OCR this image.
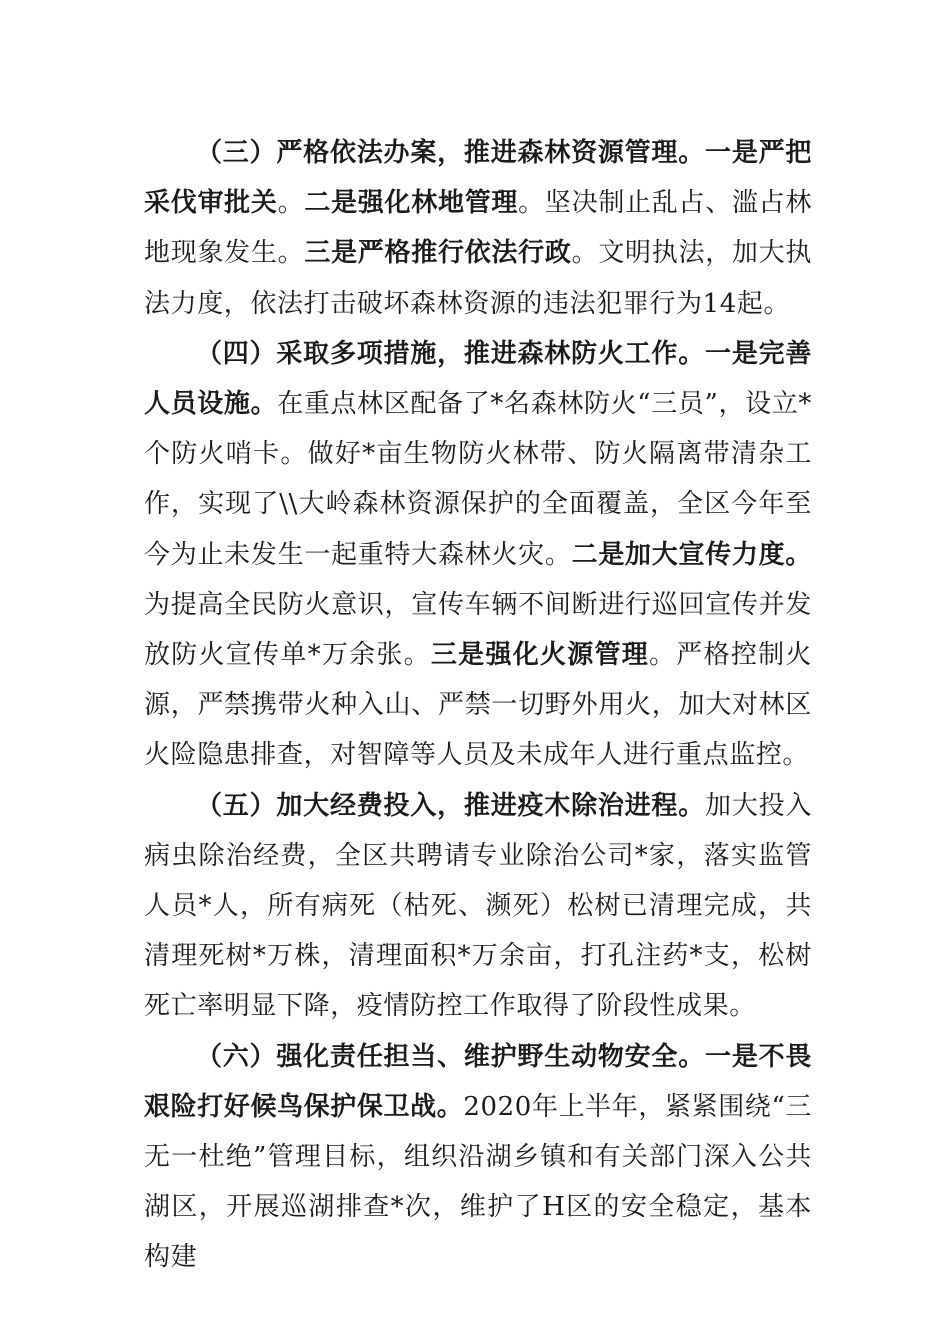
（三）严格依法办案，推进森林资源管理。一是严把采伐审批关。二是强化林地管理。坚决制止乱占、滥占林地现象发生。三是严格推行依法行政。文明执法，加大执法力度，依法打击破坏森林资源的违法犯罪行为14起。

（四）采取多项措施，推进森林防火工作。一是完善人员设施。在重点林区配备了*名森林防火“三员”，设立*个防火哨卡。做好*亩生物防火林带、防火隔离带清杂工作，实现了\\大岭森林资源保护的全面覆盖，全区今年至今为止未发生一起重特大森林火灾。二是加大宣传力度。为提高全民防火意识，宣传车辆不间断进行巡回宣传并发放防火宣传单*万余张。三是强化火源管理。严格控制火源，严禁携带火种入山、严禁一切野外用火，加大对林区火险隐患排查，对智障等人员及未成年人进行重点监控。

（五）加大经费投入，推进疫木除治进程。加大投入病虫除治经费，全区共聘请专业除治公司*家，落实监管人员*人，所有病死（枯死、濒死）松树已清理完成，共清理死树*万株，清理面积*万余亩，打孔注药*支，松树死亡率明显下降，疫情防控工作取得了阶段性成果。

（六）强化责任担当、维护野生动物安全。一是不畏艰险打好候鸟保护保卫战。2020年上半年，紧紧围绕“三无一杜绝”管理目标，组织沿湖乡镇和有关部门深入公共湖区，开展巡湖排查*次，维护了H区的安全稳定，基本构建
